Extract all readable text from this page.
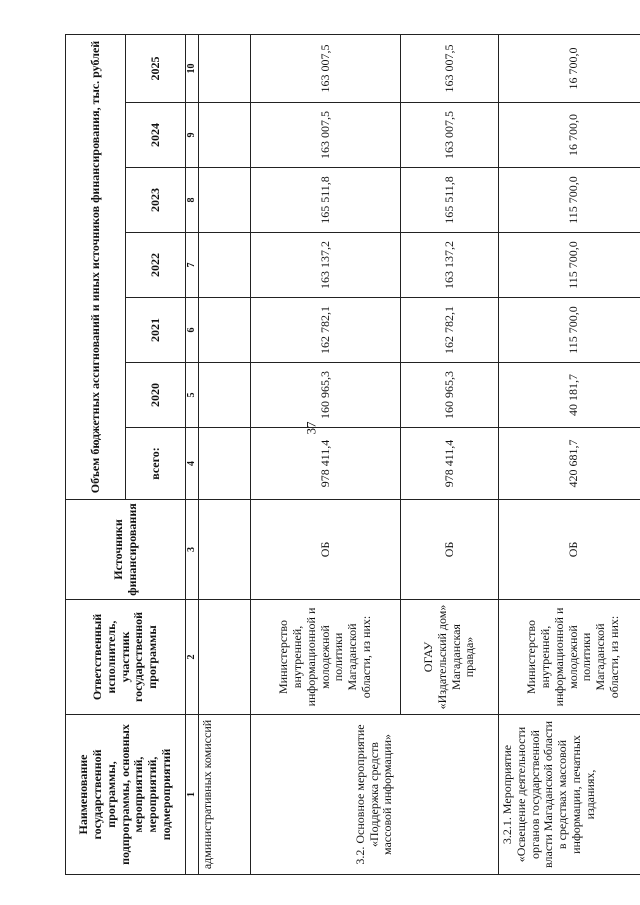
37
Наименование государственной программы, подпрограммы, основных мероприятий, мероприятий, подмероприятий	Ответственный исполнитель, участник государственной программы	Источники финансирования	Объем бюджетных ассигнований и иных источников финансирования, тыс. рублей						
			всего:	2020	2021	2022	2023	2024	2025
1	2	3	4	5	6	7	8	9	10
административных комиссий									
3.2. Основное мероприятие «Поддержка средств массовой информации»	Министерство внутренней, информационной и молодежной политики Магаданской области, из них:	ОБ	978 411,4	160 965,3	162 782,1	163 137,2	165 511,8	163 007,5	163 007,5
	ОГАУ «Издательский дом» Магаданская правда»	ОБ	978 411,4	160 965,3	162 782,1	163 137,2	165 511,8	163 007,5	163 007,5
3.2.1. Мероприятие «Освещение деятельности органов государственной власти Магаданской области в средствах массовой информации, печатных изданиях,	Министерство внутренней, информационной и молодежной политики Магаданской области, из них:	ОБ	420 681,7	40 181,7	115 700,0	115 700,0	115 700,0	16 700,0	16 700,0
